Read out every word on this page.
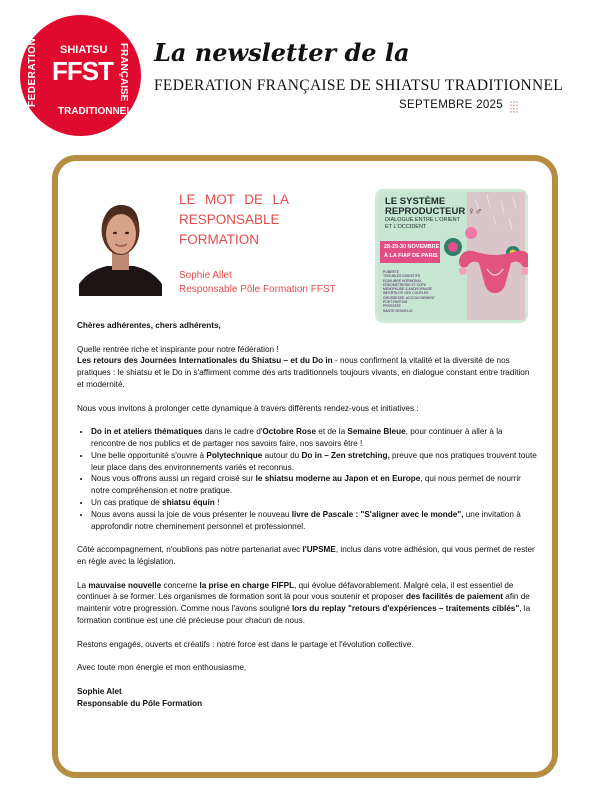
FEDERATION SHIATSU
FFST
TRADITIONNEL
FRANÇAISE La newsletter de la
FEDERATION FRANÇAISE DE SHIATSU TRADITIONNEL
SEPTEMBRE 2025
LE MOT DE LA
RESPONSABLE
FORMATION
Sophie Allet
Responsable Pôle Formation FFST
LE SYSTÈME
REPRODUCTEUR ♀♂
DIALOGUE ENTRE L'ORIENT
ET L'OCCIDENT
28-29-30 NOVEMBRE
À LA FIAP DE PARIS
PUBERTE
TROUBLES DIGESTIFS
EQUILIBRE HORMONAL
ENDOMETRIOSE ET SOPK
MENOPAUSE & ANDROPAUSE
INFERTILITE DES COUPLES
GROSSESSE, ACCOUCHEMENT
POST-PARTUM
PROSTATE
SANTE SEXUELLE

Chères adhérentes, chers adhérents,

Quelle rentrée riche et inspirante pour notre fédération !
Les retours des Journées Internationales du Shiatsu – et du Do in - nous confirment la vitalité et la diversité de nos pratiques : le shiatsu et le Do in s'affirment comme des arts traditionnels toujours vivants, en dialogue constant entre tradition et modernité.

Nous vous invitons à prolonger cette dynamique à travers différents rendez-vous et initiatives :

• Do in et ateliers thématiques dans le cadre d'Octobre Rose et de la Semaine Bleue, pour continuer à aller à la rencontre de nos publics et de partager nos savoirs faire, nos savoirs être !
• Une belle opportunité s'ouvre à Polytechnique autour du Do in – Zen stretching, preuve que nos pratiques trouvent toute leur place dans des environnements variés et reconnus.
• Nous vous offrons aussi un regard croisé sur le shiatsu moderne au Japon et en Europe, qui nous permet de nourrir notre compréhension et notre pratique.
• Un cas pratique de shiatsu équin !
• Nous avons aussi la joie de vous présenter le nouveau livre de Pascale : "S'aligner avec le monde", une invitation à approfondir notre cheminement personnel et professionnel.

Côté accompagnement, n'oublions pas notre partenariat avec l'UPSME, inclus dans votre adhésion, qui vous permet de rester en règle avec la législation.

La mauvaise nouvelle concerne la prise en charge FIFPL, qui évolue défavorablement. Malgré cela, il est essentiel de continuer à se former. Les organismes de formation sont là pour vous soutenir et proposer des facilités de paiement afin de maintenir votre progression. Comme nous l'avons souligné lors du replay "retours d'expériences – traitements ciblés", la formation continue est une clé précieuse pour chacun de nous.

Restons engagés, ouverts et créatifs : notre force est dans le partage et l'évolution collective.

Avec toute mon énergie et mon enthousiasme,

Sophie Alet

Responsable du Pôle Formation
